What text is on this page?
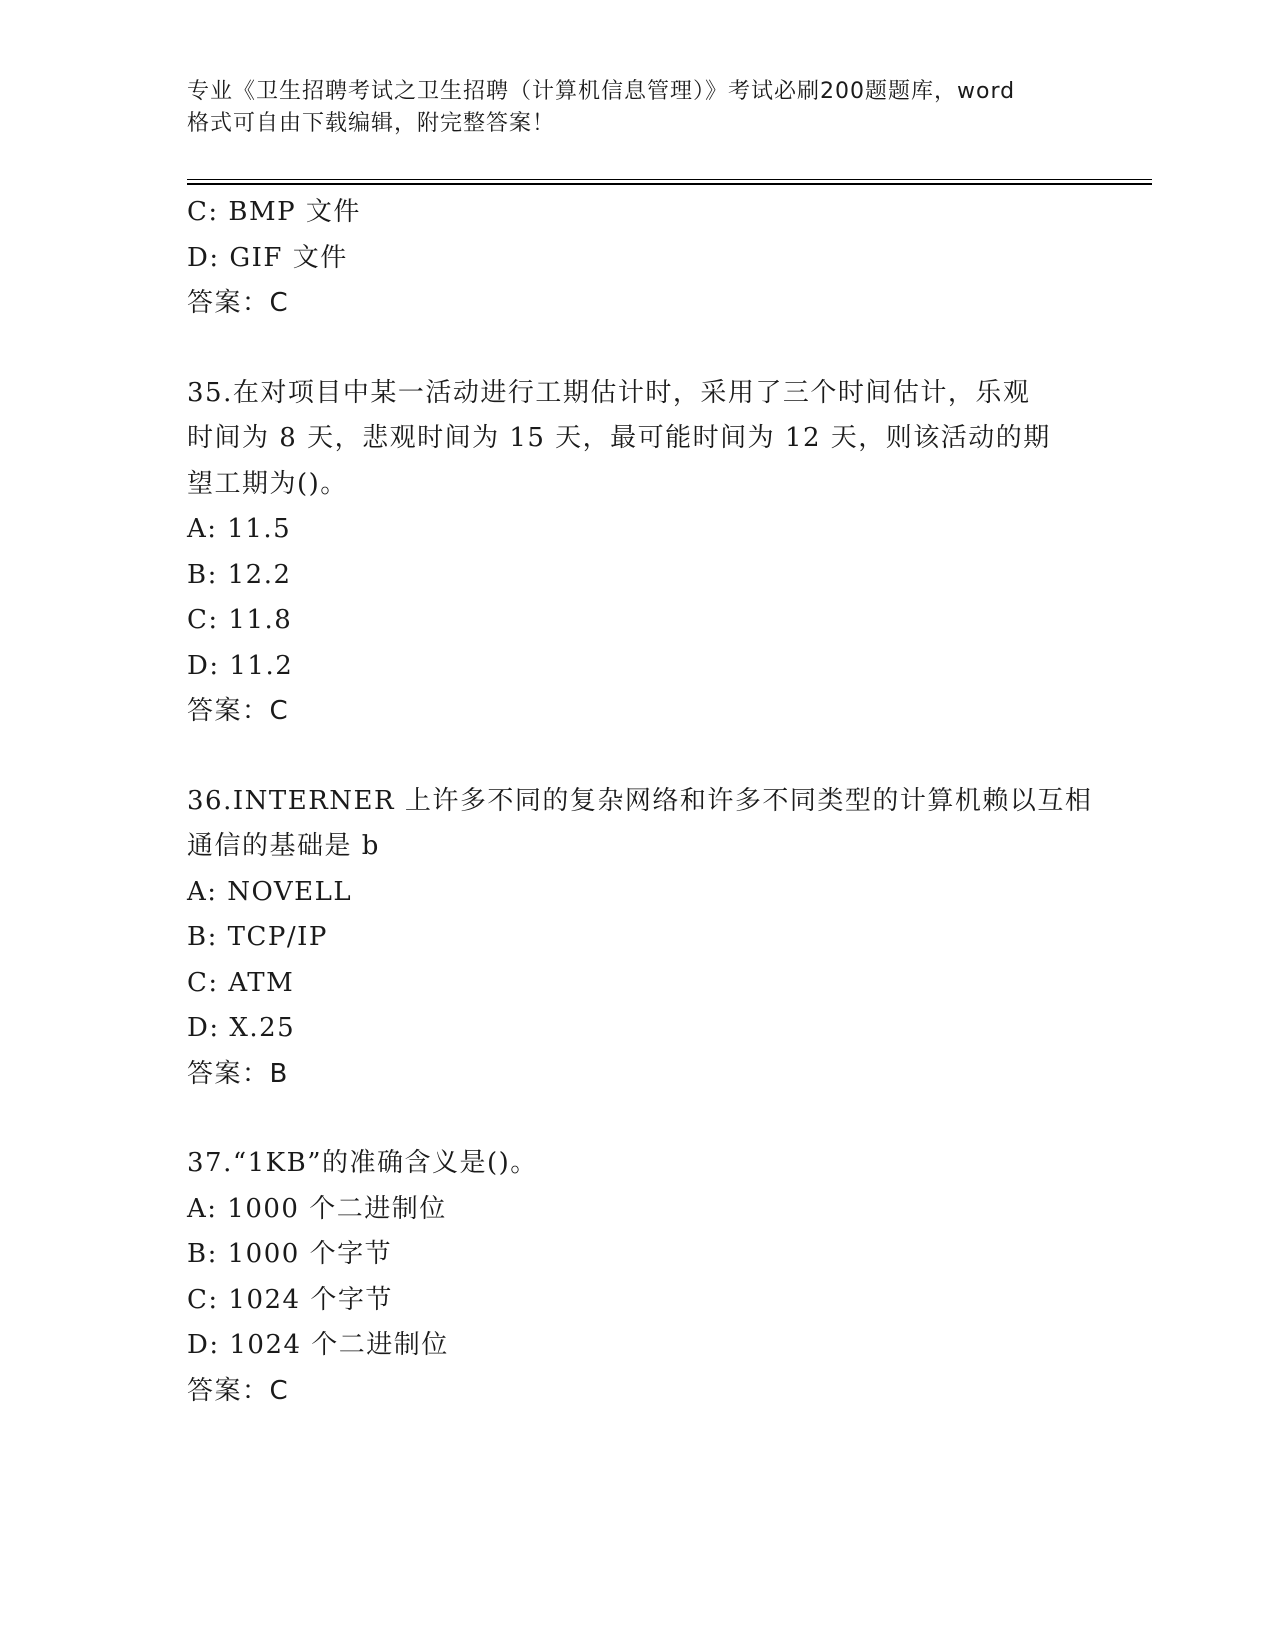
专业《卫生招聘考试之卫生招聘（计算机信息管理）》考试必刷200题题库，word
格式可自由下载编辑，附完整答案！
C: BMP 文件
D: GIF 文件
答案：C
35.在对项目中某一活动进行工期估计时，采用了三个时间估计，乐观
时间为 8 天，悲观时间为 15 天，最可能时间为 12 天，则该活动的期
望工期为()。
A: 11.5
B: 12.2
C: 11.8
D: 11.2
答案：C
36.INTERNER 上许多不同的复杂网络和许多不同类型的计算机赖以互相
通信的基础是 b
A: NOVELL
B: TCP/IP
C: ATM
D: X.25
答案：B
37.“1KB”的准确含义是()。
A: 1000 个二进制位
B: 1000 个字节
C: 1024 个字节
D: 1024 个二进制位
答案：C
